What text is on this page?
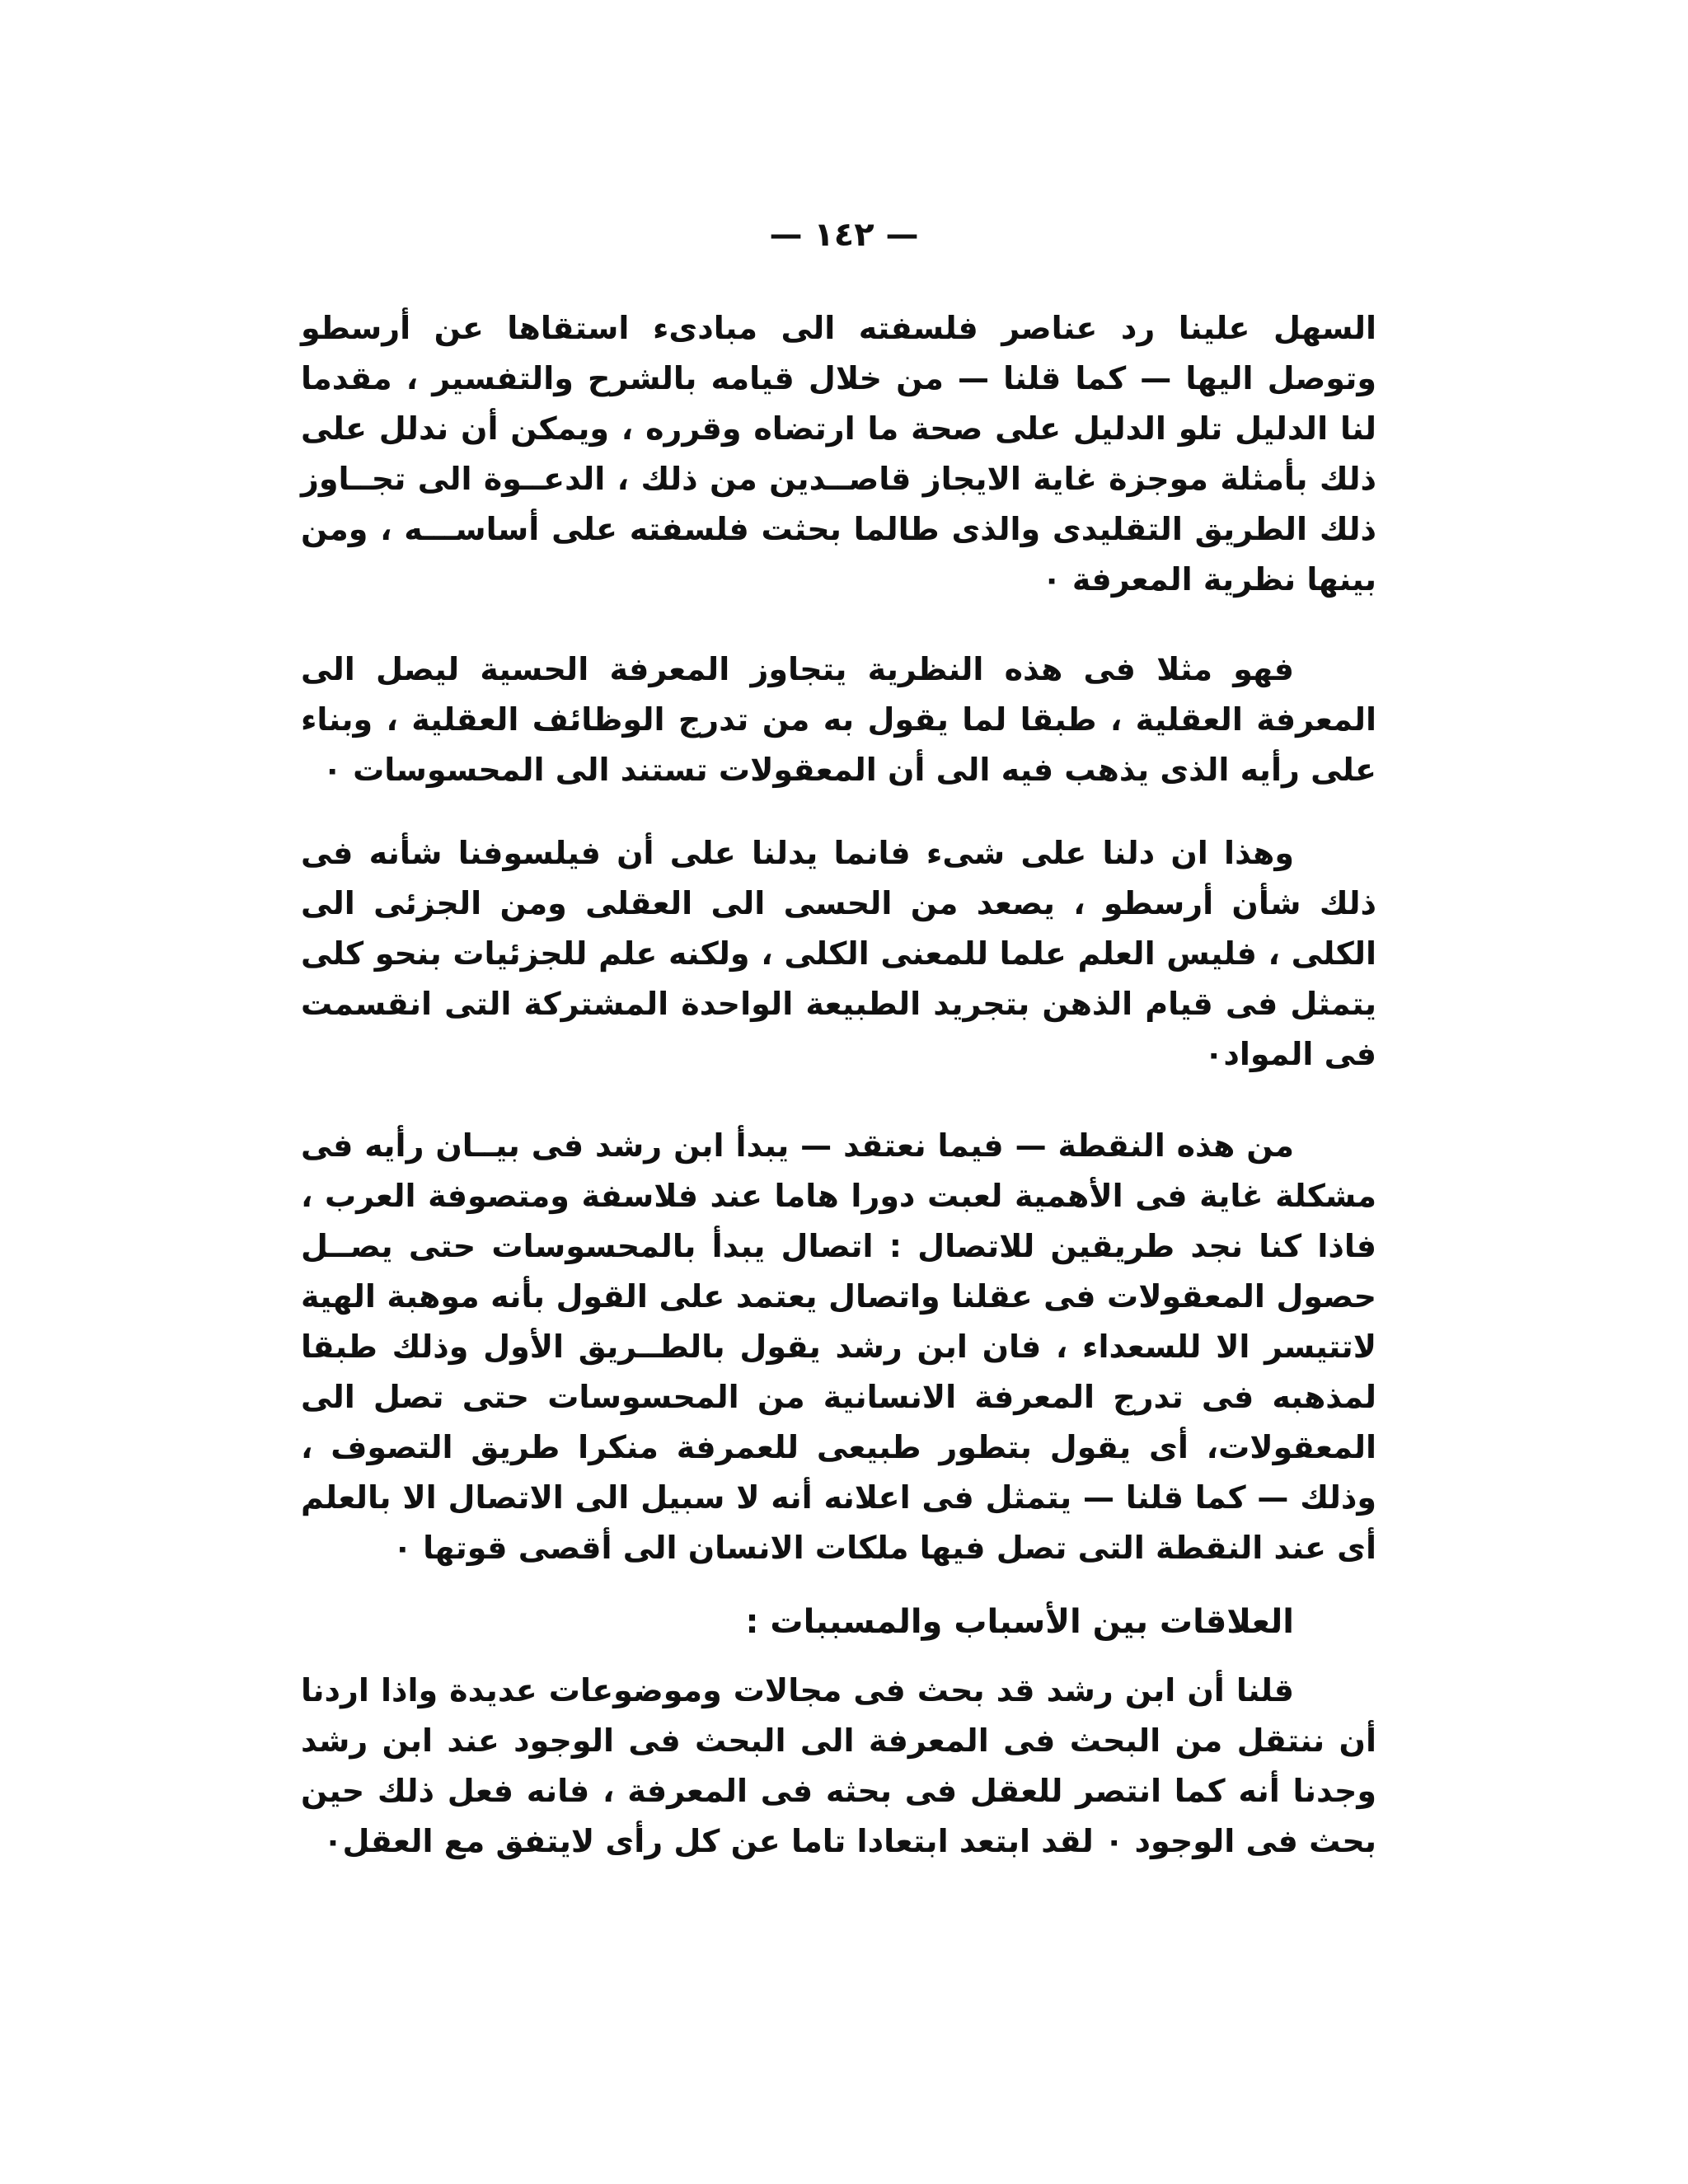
— ١٤٢ —

السهل علينا رد عناصر فلسفته الى مبادىء استقاها عن أرسطو وتوصل اليها — كما قلنا — من خلال قيامه بالشرح والتفسير ، مقدما لنا الدليل تلو الدليل على صحة ما ارتضاه وقرره ، ويمكن أن ندلل على ذلك بأمثلة موجزة غاية الايجاز قاصــدين من ذلك ، الدعــوة الى تجــاوز ذلك الطريق التقليدى والذى طالما بحثت فلسفته على أساســـه ، ومن بينها نظرية المعرفة ٠

فهو مثلا فى هذه النظرية يتجاوز المعرفة الحسية ليصل الى المعرفة العقلية ، طبقا لما يقول به من تدرج الوظائف العقلية ، وبناء على رأيه الذى يذهب فيه الى أن المعقولات تستند الى المحسوسات ٠

وهذا ان دلنا على شىء فانما يدلنا على أن فيلسوفنا شأنه فى ذلك شأن أرسطو ، يصعد من الحسى الى العقلى ومن الجزئى الى الكلى ، فليس العلم علما للمعنى الكلى ، ولكنه علم للجزئيات بنحو كلى يتمثل فى قيام الذهن بتجريد الطبيعة الواحدة المشتركة التى انقسمت فى المواد٠

من هذه النقطة — فيما نعتقد — يبدأ ابن رشد فى بيــان رأيه فى مشكلة غاية فى الأهمية لعبت دورا هاما عند فلاسفة ومتصوفة العرب ، فاذا كنا نجد طريقين للاتصال : اتصال يبدأ بالمحسوسات حتى يصــل حصول المعقولات فى عقلنا واتصال يعتمد على القول بأنه موهبة الهية لاتتيسر الا للسعداء ، فان ابن رشد يقول بالطــريق الأول وذلك طبقا لمذهبه فى تدرج المعرفة الانسانية من المحسوسات حتى تصل الى المعقولات، أى يقول بتطور طبيعى للعمرفة منكرا طريق التصوف ، وذلك — كما قلنا — يتمثل فى اعلانه أنه لا سبيل الى الاتصال الا بالعلم أى عند النقطة التى تصل فيها ملكات الانسان الى أقصى قوتها ٠

العلاقات بين الأسباب والمسببات :

قلنا أن ابن رشد قد بحث فى مجالات وموضوعات عديدة واذا اردنا أن ننتقل من البحث فى المعرفة الى البحث فى الوجود عند ابن رشد وجدنا أنه كما انتصر للعقل فى بحثه فى المعرفة ، فانه فعل ذلك حين بحث فى الوجود ٠ لقد ابتعد ابتعادا تاما عن كل رأى لايتفق مع العقل٠
